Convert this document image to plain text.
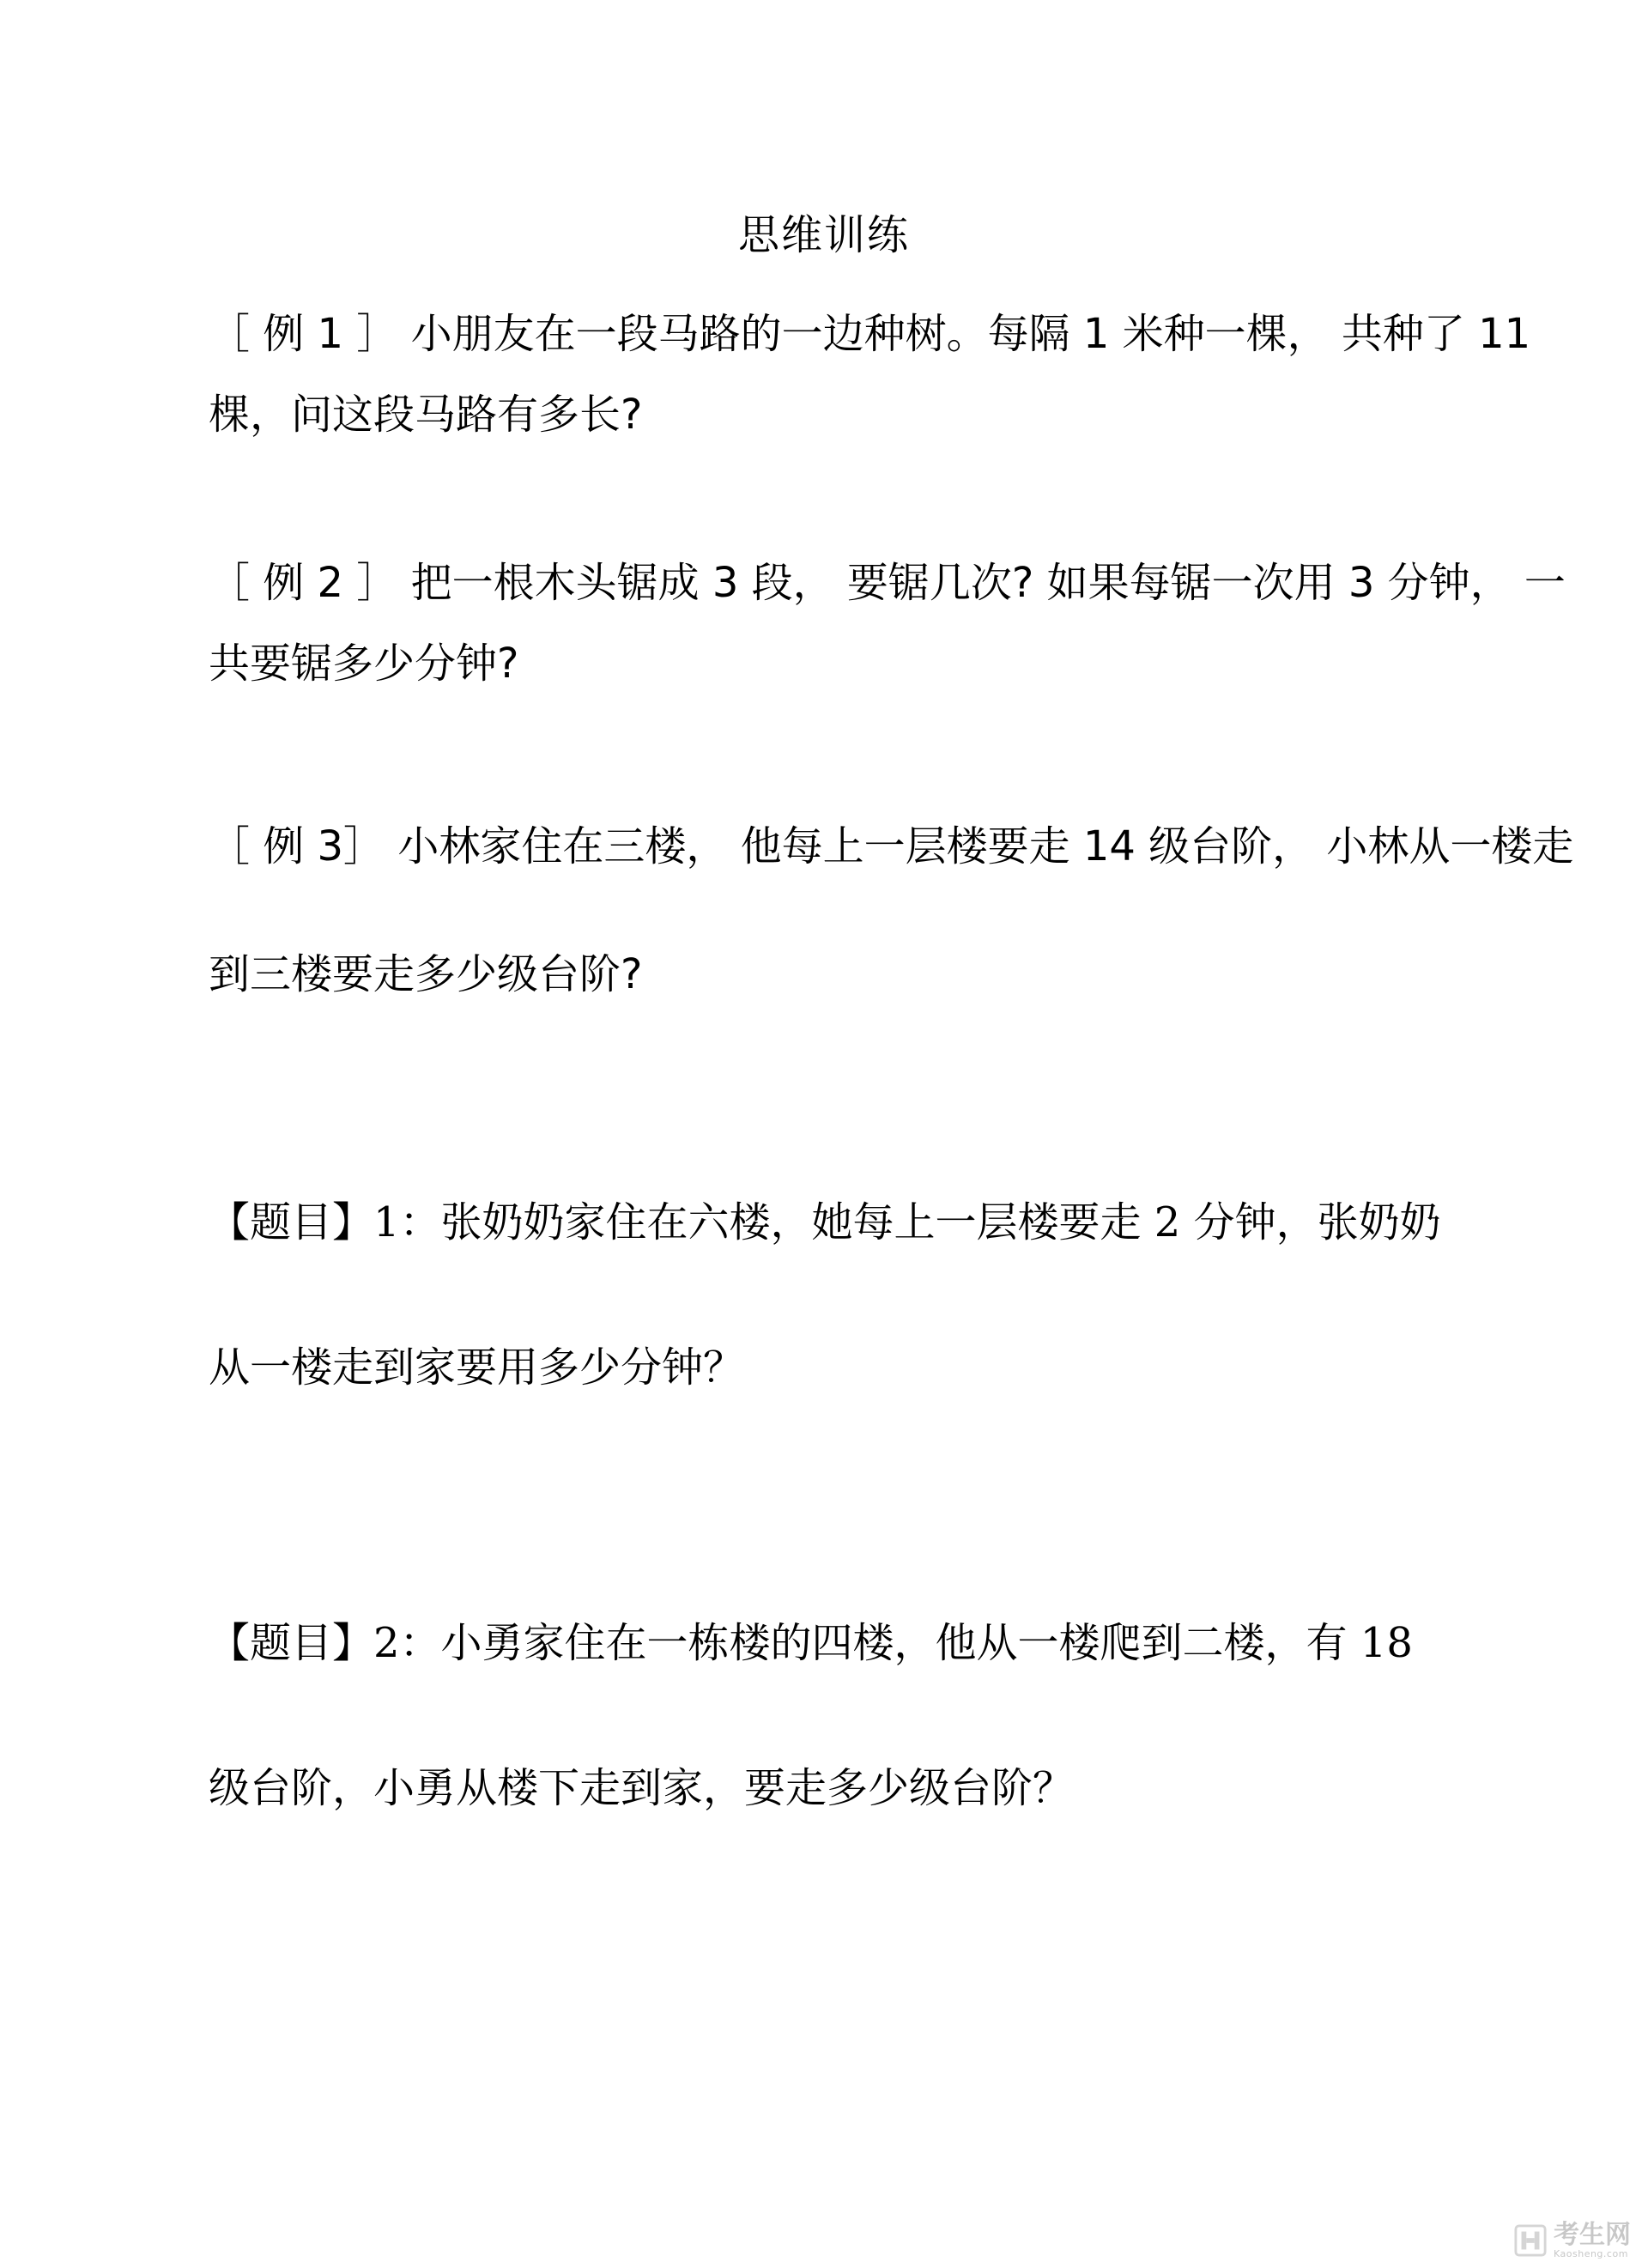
思维训练
［ 例 1 ］ 小朋友在一段马路的一边种树。每隔 1 米种一棵， 共种了 11
棵，问这段马路有多长?
［ 例 2 ］ 把一根木头锯成 3 段， 要锯几次? 如果每锯一次用 3 分钟， 一
共要锯多少分钟?
［ 例 3］ 小林家住在三楼， 他每上一层楼要走 14 级台阶， 小林从一楼走
到三楼要走多少级台阶?
【题目】1：张奶奶家住在六楼，她每上一层楼要走 2 分钟，张奶奶
从一楼走到家要用多少分钟？
【题目】2：小勇家住在一栋楼的四楼，他从一楼爬到二楼，有 18
级台阶，小勇从楼下走到家，要走多少级台阶？
考生网
Kaosheng.com
